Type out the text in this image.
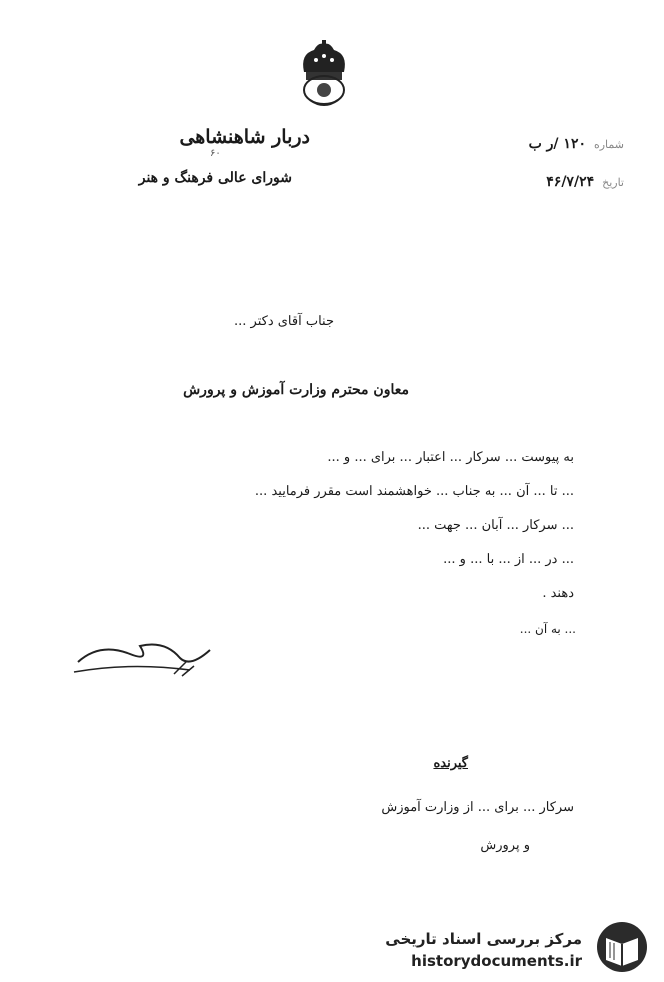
دربار شاهنشاهی
شورای عالی فرهنگ و هنر
۶۰
شماره
۱۲۰ /ر ب
تاریخ
۴۶/۷/۲۴
جناب آقای دکتر ...
معاون محترم وزارت آموزش و پرورش
به پیوست ... سرکار ... اعتبار ... برای ... و ...
... تا ... آن ... به جناب ... خواهشمند است مقرر فرمایید ...
... سرکار ... آبان ... جهت ...
... در ... از ... با ... و ...
دهند .
... به آن ...
گیرنده
سرکار ... برای ... از وزارت آموزش
و پرورش
مرکز بررسی اسناد تاریخی
historydocuments.ir
